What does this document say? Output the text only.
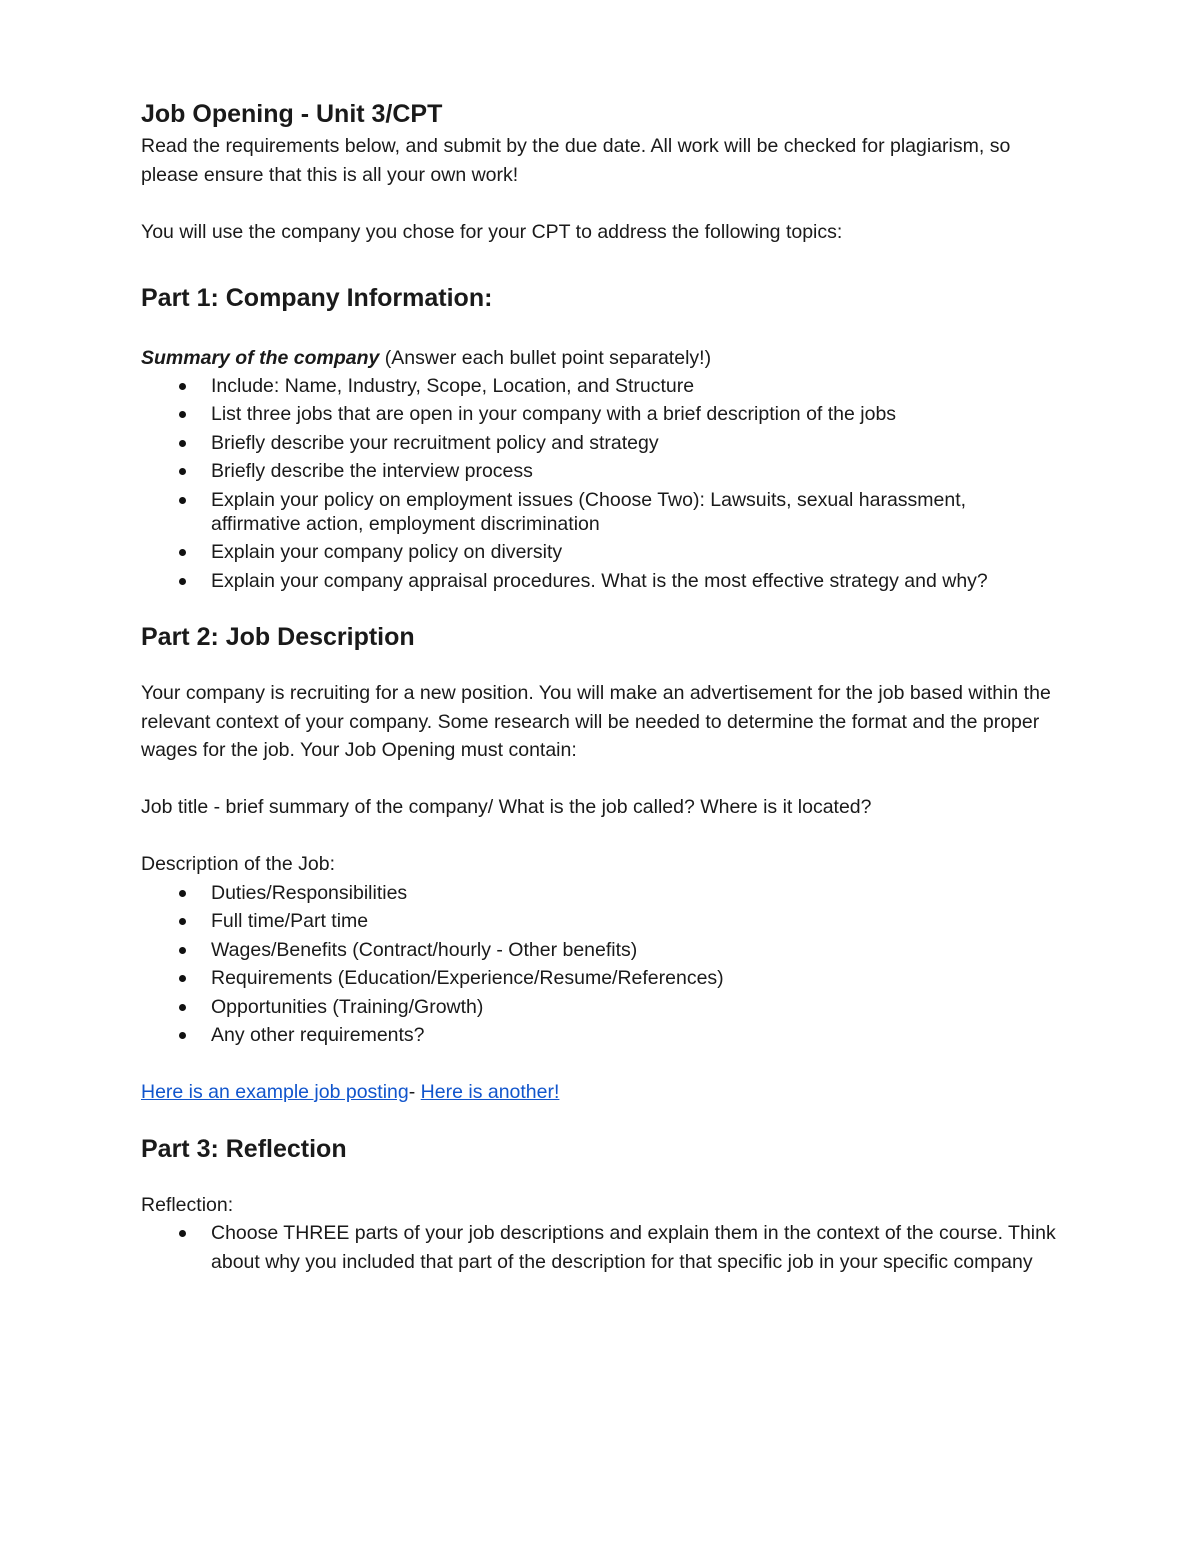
Job Opening - Unit 3/CPT

Read the requirements below, and submit by the due date. All work will be checked for plagiarism, so please ensure that this is all your own work!

You will use the company you chose for your CPT to address the following topics:

Part 1: Company Information:

Summary of the company (Answer each bullet point separately!)

Include: Name, Industry, Scope, Location, and Structure
List three jobs that are open in your company with a brief description of the jobs
Briefly describe your recruitment policy and strategy
Briefly describe the interview process
Explain your policy on employment issues (Choose Two): Lawsuits, sexual harassment, affirmative action, employment discrimination
Explain your company policy on diversity
Explain your company appraisal procedures. What is the most effective strategy and why?
Part 2: Job Description

Your company is recruiting for a new position. You will make an advertisement for the job based within the relevant context of your company. Some research will be needed to determine the format and the proper wages for the job. Your Job Opening must contain:

Job title - brief summary of the company/ What is the job called? Where is it located?

Description of the Job:

Duties/Responsibilities
Full time/Part time
Wages/Benefits (Contract/hourly - Other benefits)
Requirements (Education/Experience/Resume/References)
Opportunities (Training/Growth)
Any other requirements?

Here is an example job posting- Here is another!

Part 3: Reflection

Reflection:

Choose THREE parts of your job descriptions and explain them in the context of the course. Think about why you included that part of the description for that specific job in your specific company
